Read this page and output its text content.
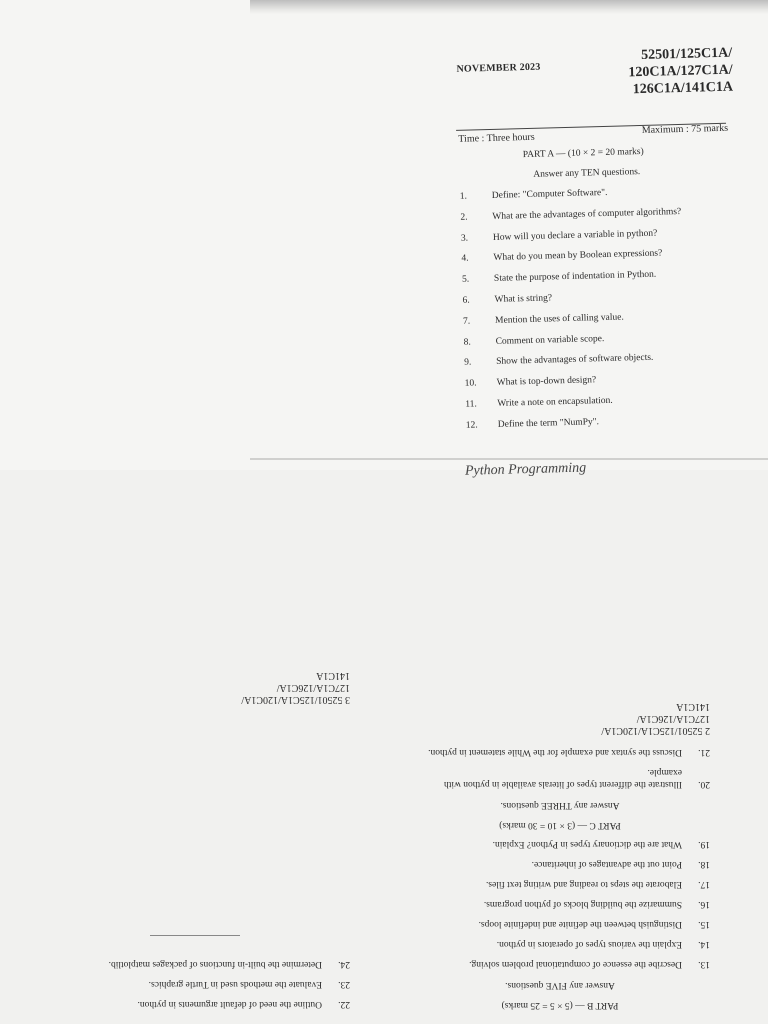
NOVEMBER 2023
52501/125C1A/
120C1A/127C1A/
126C1A/141C1A
Time : Three hours
Maximum : 75 marks
PART A — (10 × 2 = 20 marks)
Answer any TEN questions.
1.	Define: "Computer Software".
2.	What are the advantages of computer algorithms?
3.	How will you declare a variable in python?
4.	What do you mean by Boolean expressions?
5.	State the purpose of indentation in Python.
6.	What is string?
7.	Mention the uses of calling value.
8.	Comment on variable scope.
9.	Show the advantages of software objects.
10.	What is top-down design?
11.	Write a note on encapsulation.
12.	Define the term "NumPy".
Python Programming
PART B — (5 × 5 = 25 marks)
Answer any FIVE questions.
13.
Describe the essence of computational problem solving.
14.
Explain the various types of operators in python.
15.
Distinguish between the definite and indefinite loops.
16.
Summarize the building blocks of python programs.
17.
Elaborate the steps to reading and writing text files.
18.
Point out the advantages of inheritance.
19.
What are the dictionary types in Python? Explain.
PART C — (3 × 10 = 30 marks)
Answer any THREE questions.
20.
Illustrate the different types of literals available in python with example.
21.
Discuss the syntax and example for the While statement in python.
2 52501/125C1A/120C1A/
127C1A/126C1A/
141C1A
22.
Outline the need of default arguments in python.
23.
Evaluate the methods used in Turtle graphics.
24.
Determine the built-in functions of packages matplotlib.
3 52501/125C1A/120C1A/
127C1A/126C1A/
141C1A
